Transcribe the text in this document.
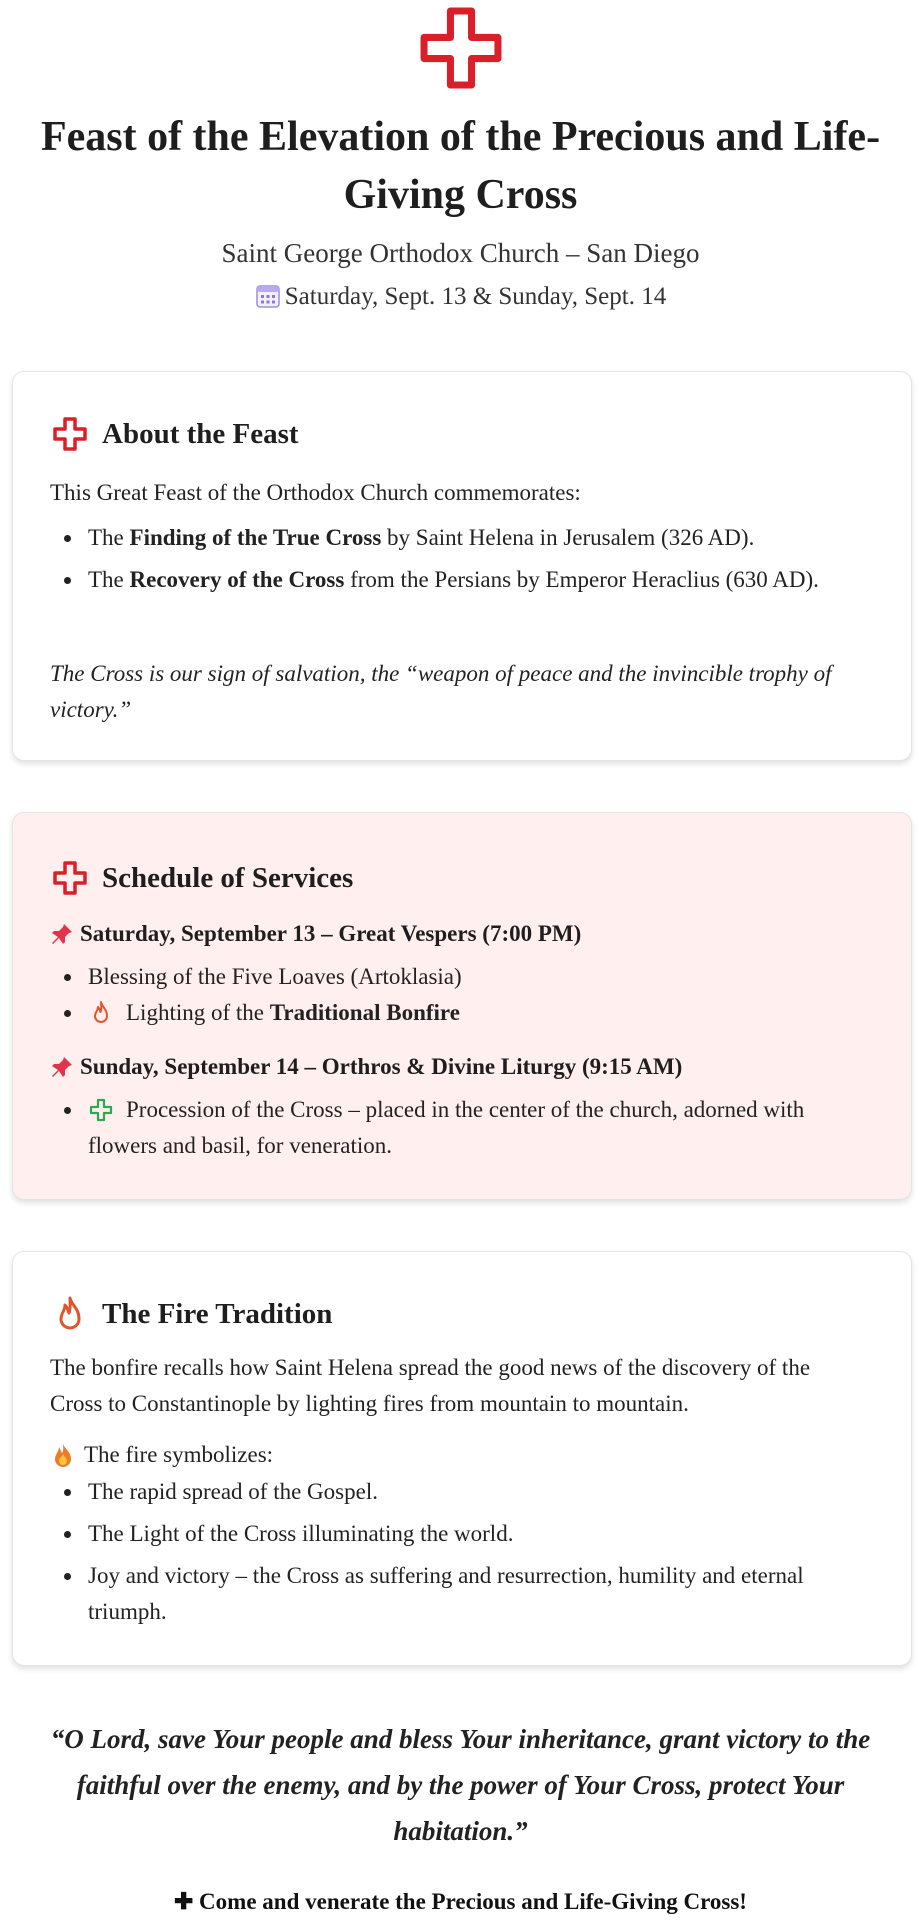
Feast of the Elevation of the Precious and Life-Giving Cross

Saint George Orthodox Church – San Diego

Saturday, Sept. 13 & Sunday, Sept. 14

About the Feast

This Great Feast of the Orthodox Church commemorates:

The Finding of the True Cross by Saint Helena in Jerusalem (326 AD).
The Recovery of the Cross from the Persians by Emperor Heraclius (630 AD).

The Cross is our sign of salvation, the “weapon of peace and the invincible trophy of victory.”

Schedule of Services
Saturday, September 13 – Great Vespers (7:00 PM)
Blessing of the Five Loaves (Artoklasia)
Lighting of the Traditional Bonfire
Sunday, September 14 – Orthros & Divine Liturgy (9:15 AM)
Procession of the Cross – placed in the center of the church, adorned with flowers and basil, for veneration.
The Fire Tradition

The bonfire recalls how Saint Helena spread the good news of the discovery of the Cross to Constantinople by lighting fires from mountain to mountain.

The fire symbolizes:

The rapid spread of the Gospel.
The Light of the Cross illuminating the world.
Joy and victory – the Cross as suffering and resurrection, humility and eternal triumph.

“O Lord, save Your people and bless Your inheritance, grant victory to the faithful over the enemy, and by the power of Your Cross, protect Your habitation.”

✚ Come and venerate the Precious and Life-Giving Cross!
